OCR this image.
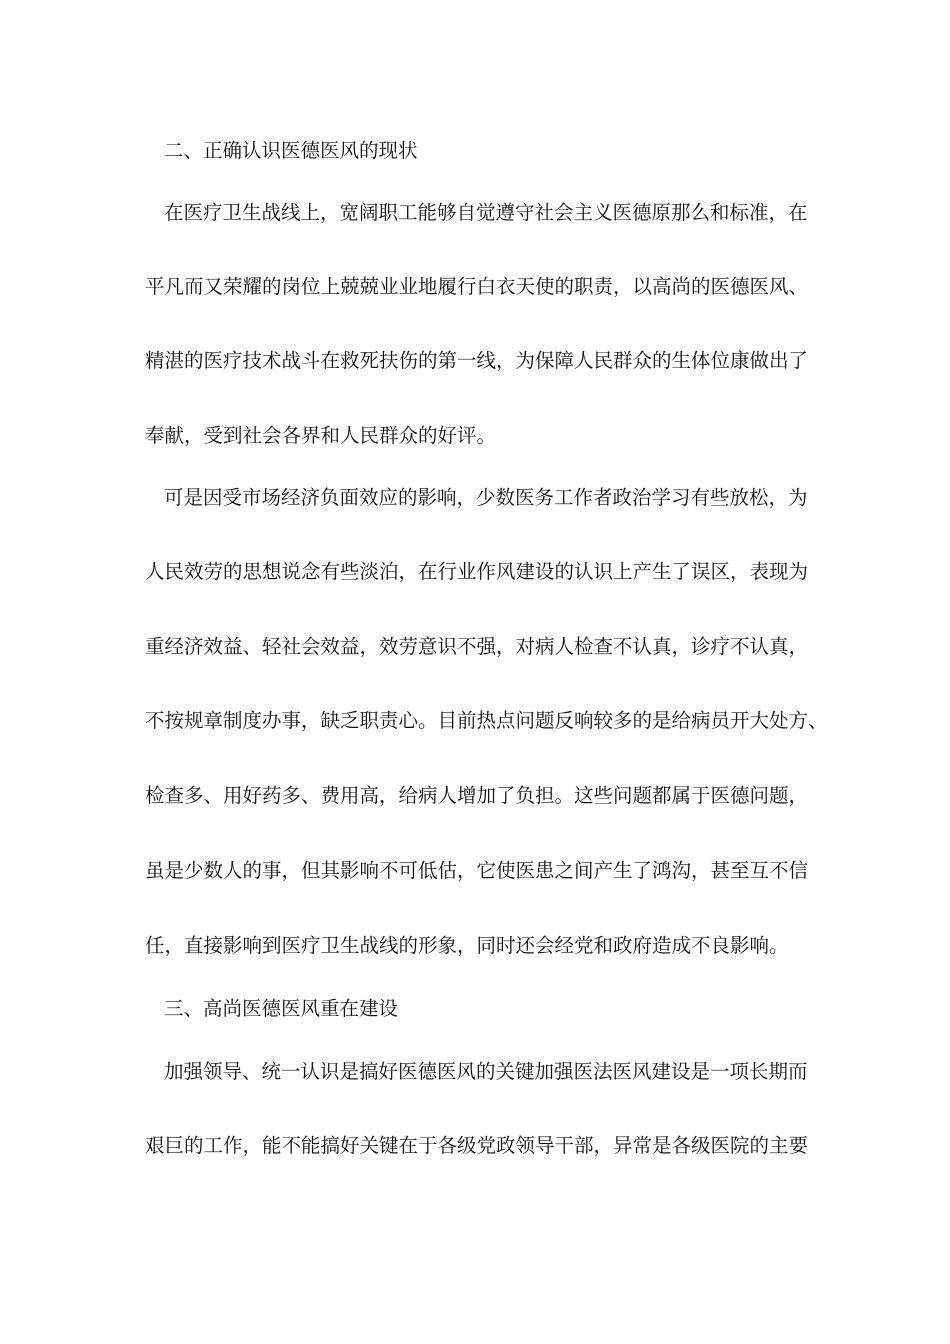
二、正确认识医德医风的现状
在医疗卫生战线上，宽阔职工能够自觉遵守社会主义医德原那么和标准，在
平凡而又荣耀的岗位上兢兢业业地履行白衣天使的职责，以高尚的医德医风、
精湛的医疗技术战斗在救死扶伤的第一线，为保障人民群众的生体位康做出了
奉献，受到社会各界和人民群众的好评。
可是因受市场经济负面效应的影响，少数医务工作者政治学习有些放松，为
人民效劳的思想说念有些淡泊，在行业作风建设的认识上产生了误区，表现为
重经济效益、轻社会效益，效劳意识不强，对病人检查不认真，诊疗不认真，
不按规章制度办事，缺乏职责心。目前热点问题反响较多的是给病员开大处方、
检查多、用好药多、费用高，给病人增加了负担。这些问题都属于医德问题，
虽是少数人的事，但其影响不可低估，它使医患之间产生了鸿沟，甚至互不信
任，直接影响到医疗卫生战线的形象，同时还会经党和政府造成不良影响。
三、高尚医德医风重在建设
加强领导、统一认识是搞好医德医风的关键加强医法医风建设是一项长期而
艰巨的工作，能不能搞好关键在于各级党政领导干部，异常是各级医院的主要
